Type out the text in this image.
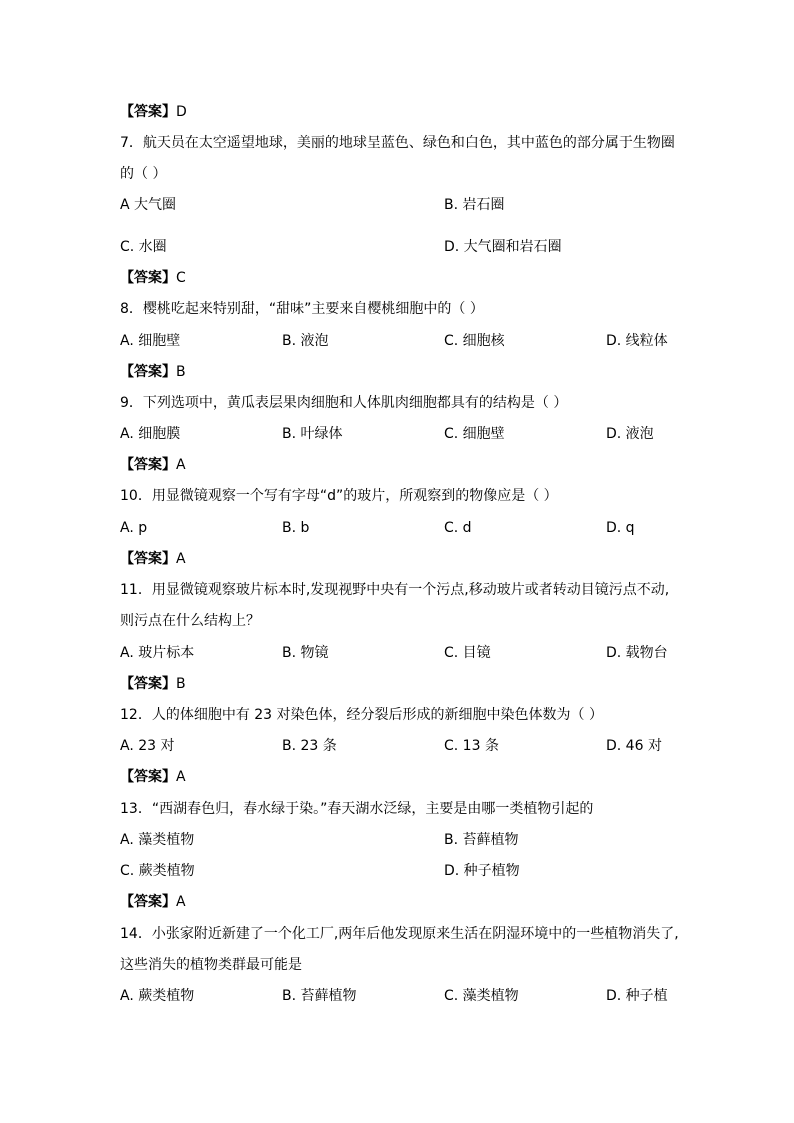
【答案】D
7．航天员在太空遥望地球，美丽的地球呈蓝色、绿色和白色，其中蓝色的部分属于生物圈
的（ ）
A 大气圈	B. 岩石圈
C. 水圈	D. 大气圈和岩石圈
【答案】C
8．樱桃吃起来特别甜，“甜味”主要来自樱桃细胞中的（ ）
A. 细胞壁	B. 液泡	C. 细胞核	D. 线粒体
【答案】B
9．下列选项中，黄瓜表层果肉细胞和人体肌肉细胞都具有的结构是（ ）
A. 细胞膜	B. 叶绿体	C. 细胞壁	D. 液泡
【答案】A
10．用显微镜观察一个写有字母“d”的玻片，所观察到的物像应是（ ）
A. p	B. b	C. d	D. q
【答案】A
11．用显微镜观察玻片标本时,发现视野中央有一个污点,移动玻片或者转动目镜污点不动,
则污点在什么结构上？
A. 玻片标本	B. 物镜	C. 目镜	D. 载物台
【答案】B
12．人的体细胞中有 23 对染色体，经分裂后形成的新细胞中染色体数为（ ）
A. 23 对	B. 23 条	C. 13 条	D. 46 对
【答案】A
13．“西湖春色归，春水绿于染。”春天湖水泛绿，主要是由哪一类植物引起的
A. 藻类植物	B. 苔藓植物
C. 蕨类植物	D. 种子植物
【答案】A
14．小张家附近新建了一个化工厂,两年后他发现原来生活在阴湿环境中的一些植物消失了,
这些消失的植物类群最可能是
A. 蕨类植物	B. 苔藓植物	C. 藻类植物	D. 种子植
